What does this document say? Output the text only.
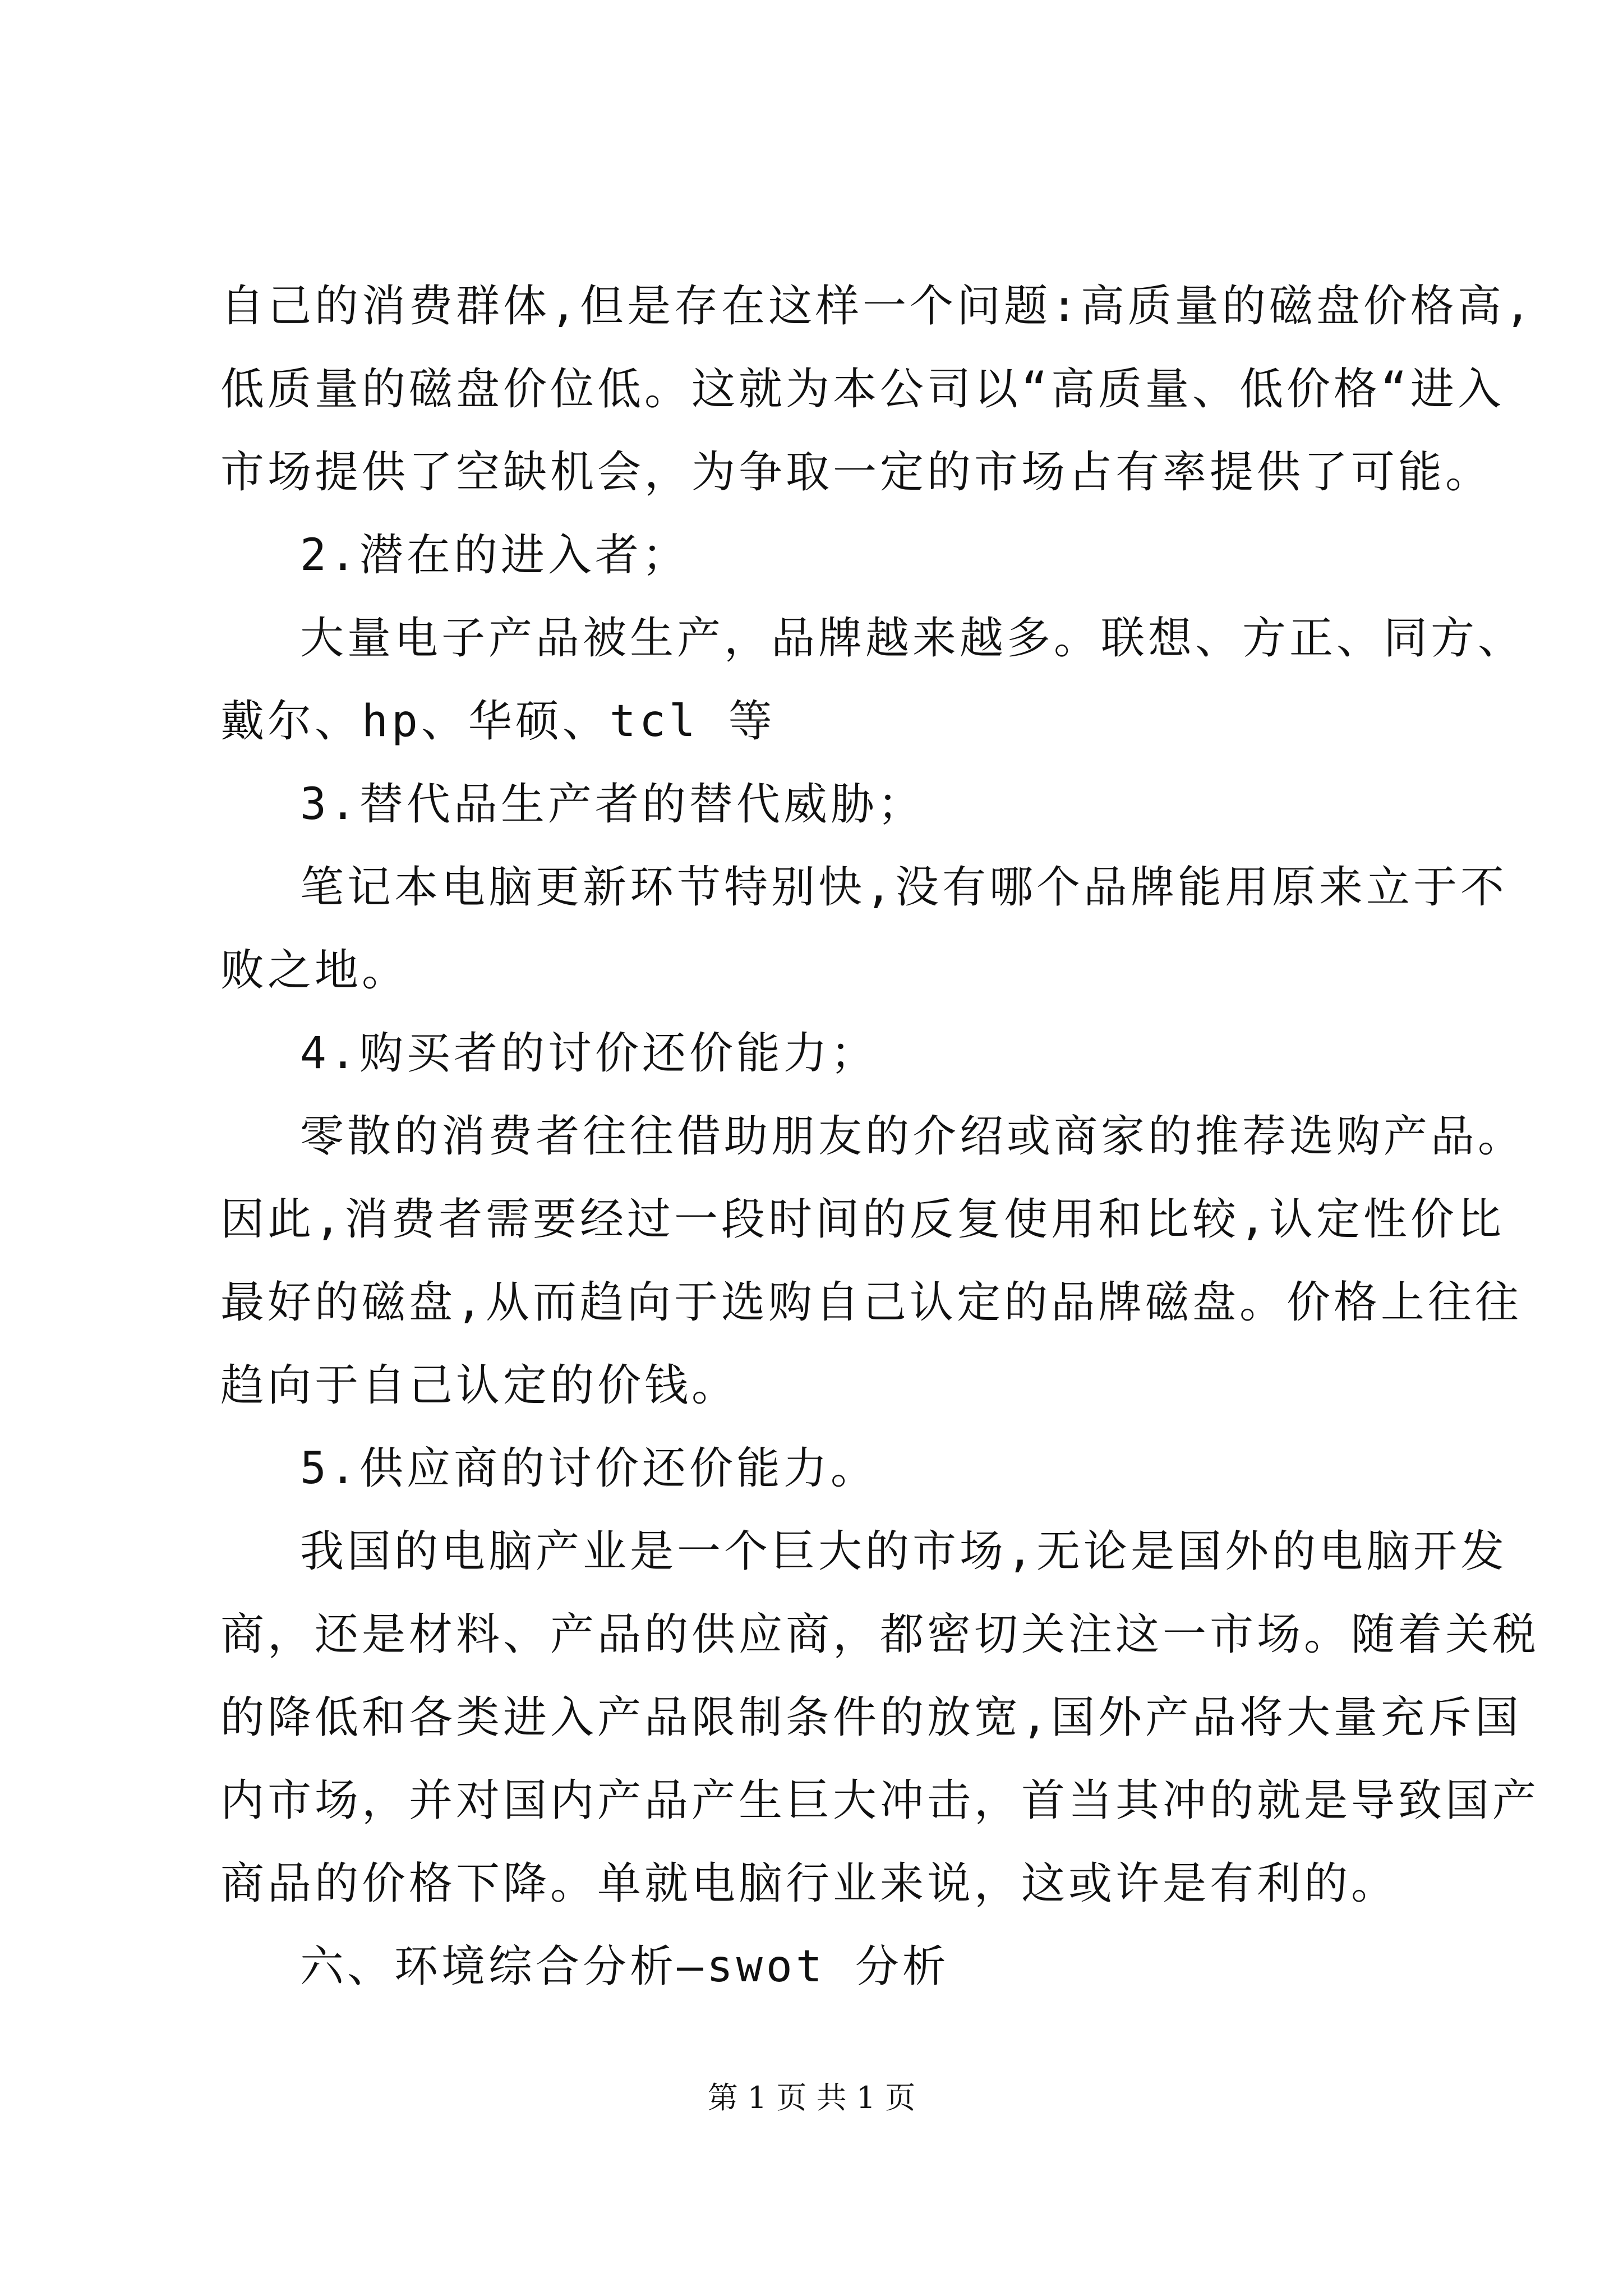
自己的消费群体,但是存在这样一个问题:高质量的磁盘价格高,
低质量的磁盘价位低。这就为本公司以“高质量、低价格“进入
市场提供了空缺机会，为争取一定的市场占有率提供了可能。
2.潜在的进入者；
大量电子产品被生产，品牌越来越多。联想、方正、同方、
戴尔、hp、华硕、tcl 等
3.替代品生产者的替代威胁；
笔记本电脑更新环节特别快,没有哪个品牌能用原来立于不
败之地。
4.购买者的讨价还价能力；
零散的消费者往往借助朋友的介绍或商家的推荐选购产品。
因此,消费者需要经过一段时间的反复使用和比较,认定性价比
最好的磁盘,从而趋向于选购自己认定的品牌磁盘。价格上往往
趋向于自己认定的价钱。
5.供应商的讨价还价能力。
我国的电脑产业是一个巨大的市场,无论是国外的电脑开发
商，还是材料、产品的供应商，都密切关注这一市场。随着关税
的降低和各类进入产品限制条件的放宽,国外产品将大量充斥国
内市场，并对国内产品产生巨大冲击，首当其冲的就是导致国产
商品的价格下降。单就电脑行业来说，这或许是有利的。
六、环境综合分析—swot 分析
第 1 页 共 1 页
